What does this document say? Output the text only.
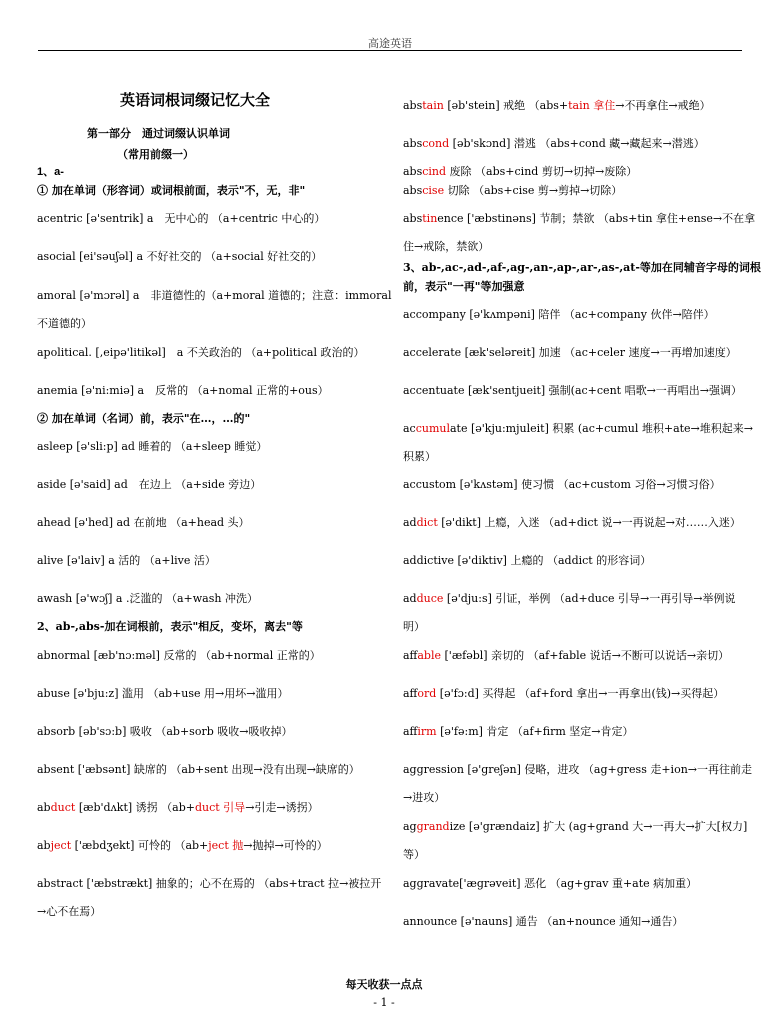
高途英语
英语词根词缀记忆大全
第一部分　通过词缀认识单词
（常用前缀一）
1、a-
① 加在单词（形容词）或词根前面，表示"不，无，非"
acentric [ə'sentrik] a　无中心的 （a+centric 中心的）
asocial [ei'səuʃəl] a 不好社交的 （a+social 好社交的）
amoral [ə'mɔrəl] a　非道德性的（a+moral 道德的；注意：immoral
不道德的）
apolitical. [,eipə'litikəl]　a 不关政治的 （a+political 政治的）
anemia [ə'ni:miə] a　反常的 （a+nomal 正常的+ous）
② 加在单词（名词）前，表示"在…，…的"
asleep [ə'sli:p] ad 睡着的 （a+sleep 睡觉）
aside [ə'said] ad　在边上 （a+side 旁边）
ahead [ə'hed] ad 在前地 （a+head 头）
alive [ə'laiv] a 活的 （a+live 活）
awash [ə'wɔʃ] a .泛滥的 （a+wash 冲洗）
2、ab-,abs-加在词根前，表示"相反，变坏，离去"等
abnormal [æb'nɔ:məl] 反常的 （ab+normal 正常的）
abuse [ə'bju:z] 滥用 （ab+use 用→用坏→滥用）
absorb [əb'sɔ:b] 吸收 （ab+sorb 吸收→吸收掉）
absent ['æbsənt] 缺席的 （ab+sent 出现→没有出现→缺席的）
abduct [æb'dʌkt] 诱拐 （ab+duct 引导→引走→诱拐）
abject ['æbdʒekt] 可怜的 （ab+ject 抛→抛掉→可怜的）
abstract ['æbstrækt] 抽象的；心不在焉的 （abs+tract 拉→被拉开
→心不在焉）
abstain [əb'stein] 戒绝 （abs+tain 拿住→不再拿住→戒绝）
abscond [əb'skɔnd] 潜逃 （abs+cond 藏→藏起来→潜逃）
abscind 废除 （abs+cind 剪切→切掉→废除）
abscise 切除 （abs+cise 剪→剪掉→切除）
abstinence ['æbstinəns] 节制；禁欲 （abs+tin 拿住+ense→不在拿
住→戒除，禁欲）
3、ab-,ac-,ad-,af-,ag-,an-,ap-,ar-,as-,at-等加在同辅音字母的词根
前，表示"一再"等加强意
accompany [ə'kʌmpəni] 陪伴 （ac+company 伙伴→陪伴）
accelerate [æk'seləreit] 加速 （ac+celer 速度→一再增加速度）
accentuate [æk'sentjueit] 强制(ac+cent 唱歌→一再唱出→强调）
accumulate [ə'kju:mjuleit] 积累 (ac+cumul 堆积+ate→堆积起来→
积累）
accustom [ə'kʌstəm] 使习惯 （ac+custom 习俗→习惯习俗）
addict [ə'dikt] 上瘾，入迷 （ad+dict 说→一再说起→对……入迷）
addictive [ə'diktiv] 上瘾的 （addict 的形容词）
adduce [ə'dju:s] 引证，举例 （ad+duce 引导→一再引导→举例说
明）
affable ['æfəbl] 亲切的 （af+fable 说话→不断可以说话→亲切）
afford [ə'fɔ:d] 买得起 （af+ford 拿出→一再拿出(钱)→买得起）
affirm [ə'fə:m] 肯定 （af+firm 坚定→肯定）
aggression [ə'greʃən] 侵略，进攻 （ag+gress 走+ion→一再往前走
→进攻）
aggrandize [ə'grændaiz] 扩大 (ag+grand 大→一再大→扩大[权力]
等）
aggravate['ægrəveit] 恶化 （ag+grav 重+ate 病加重）
announce [ə'nauns] 通告 （an+nounce 通知→通告）
每天收获一点点
- 1 -
